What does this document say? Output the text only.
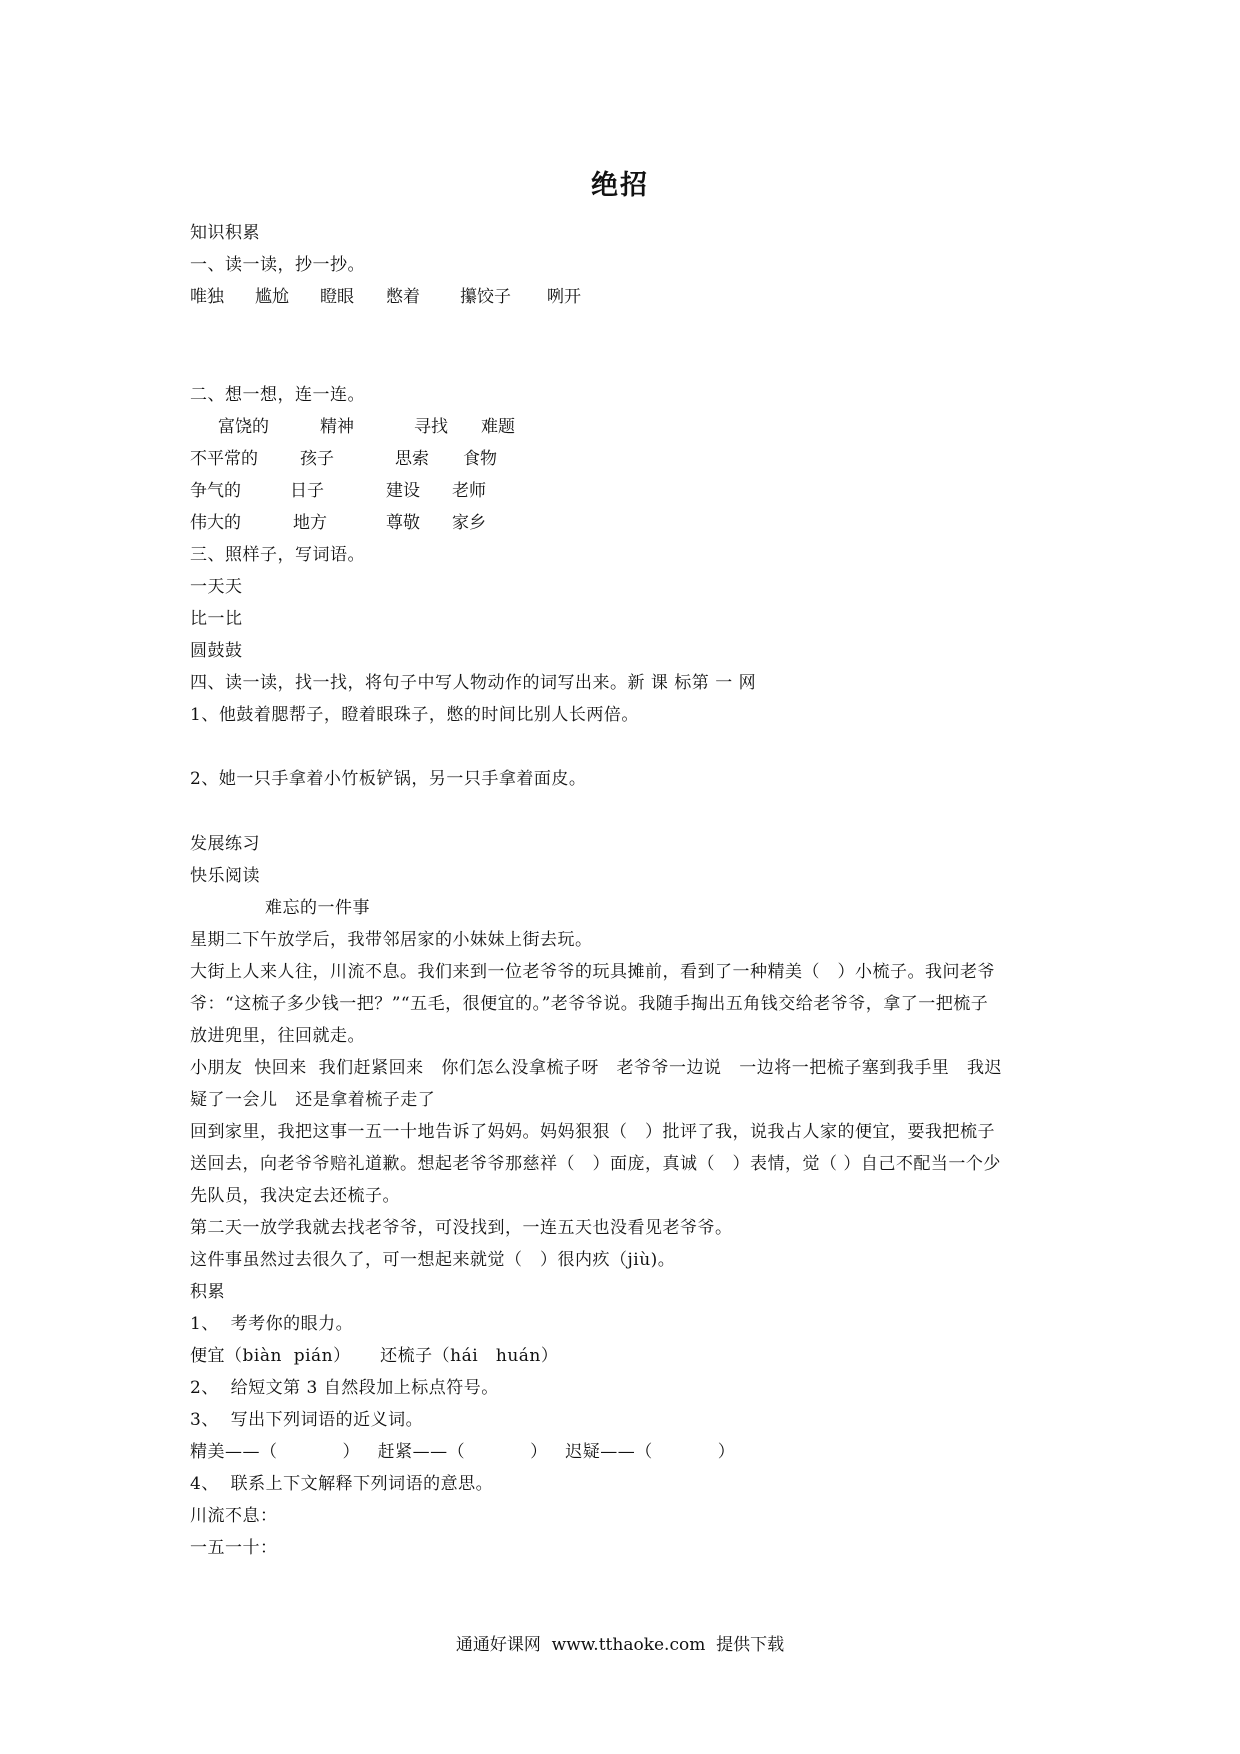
绝招
知识积累
一、读一读，抄一抄。
唯独 尴尬 瞪眼 憋着 攥饺子 咧开
二、想一想，连一连。
富饶的	精神	寻找 难题
不平常的 孩子	思索 食物
争气的	日子	建设 老师
伟大的	地方	尊敬 家乡
三、照样子，写词语。
一天天
比一比
圆鼓鼓
四、读一读，找一找，将句子中写人物动作的词写出来。新 课 标第 一 网
1、他鼓着腮帮子，瞪着眼珠子，憋的时间比别人长两倍。
2、她一只手拿着小竹板铲锅，另一只手拿着面皮。
发展练习
快乐阅读
难忘的一件事
星期二下午放学后，我带邻居家的小妹妹上街去玩。
大街上人来人往，川流不息。我们来到一位老爷爷的玩具摊前，看到了一种精美（　）小梳子。我问老爷
爷：“这梳子多少钱一把？”“五毛，很便宜的。”老爷爷说。我随手掏出五角钱交给老爷爷，拿了一把梳子
放进兜里，往回就走。
小朋友  快回来  我们赶紧回来   你们怎么没拿梳子呀   老爷爷一边说   一边将一把梳子塞到我手里   我迟
疑了一会儿   还是拿着梳子走了
回到家里，我把这事一五一十地告诉了妈妈。妈妈狠狠（　）批评了我，说我占人家的便宜，要我把梳子
送回去，向老爷爷赔礼道歉。想起老爷爷那慈祥（　）面庞，真诚（　）表情，觉（ ）自己不配当一个少
先队员，我决定去还梳子。
第二天一放学我就去找老爷爷，可没找到，一连五天也没看见老爷爷。
这件事虽然过去很久了，可一想起来就觉（　）很内疚（jiù)。
积累
1、  考考你的眼力。
便宜（biàn  pián）     还梳子（hái   huán）
2、  给短文第 3 自然段加上标点符号。
3、  写出下列词语的近义词。
精美——（           ）   赶紧——（           ）   迟疑——（           ）
4、  联系上下文解释下列词语的意思。
川流不息：
一五一十：
通通好课网  www.tthaoke.com  提供下载
